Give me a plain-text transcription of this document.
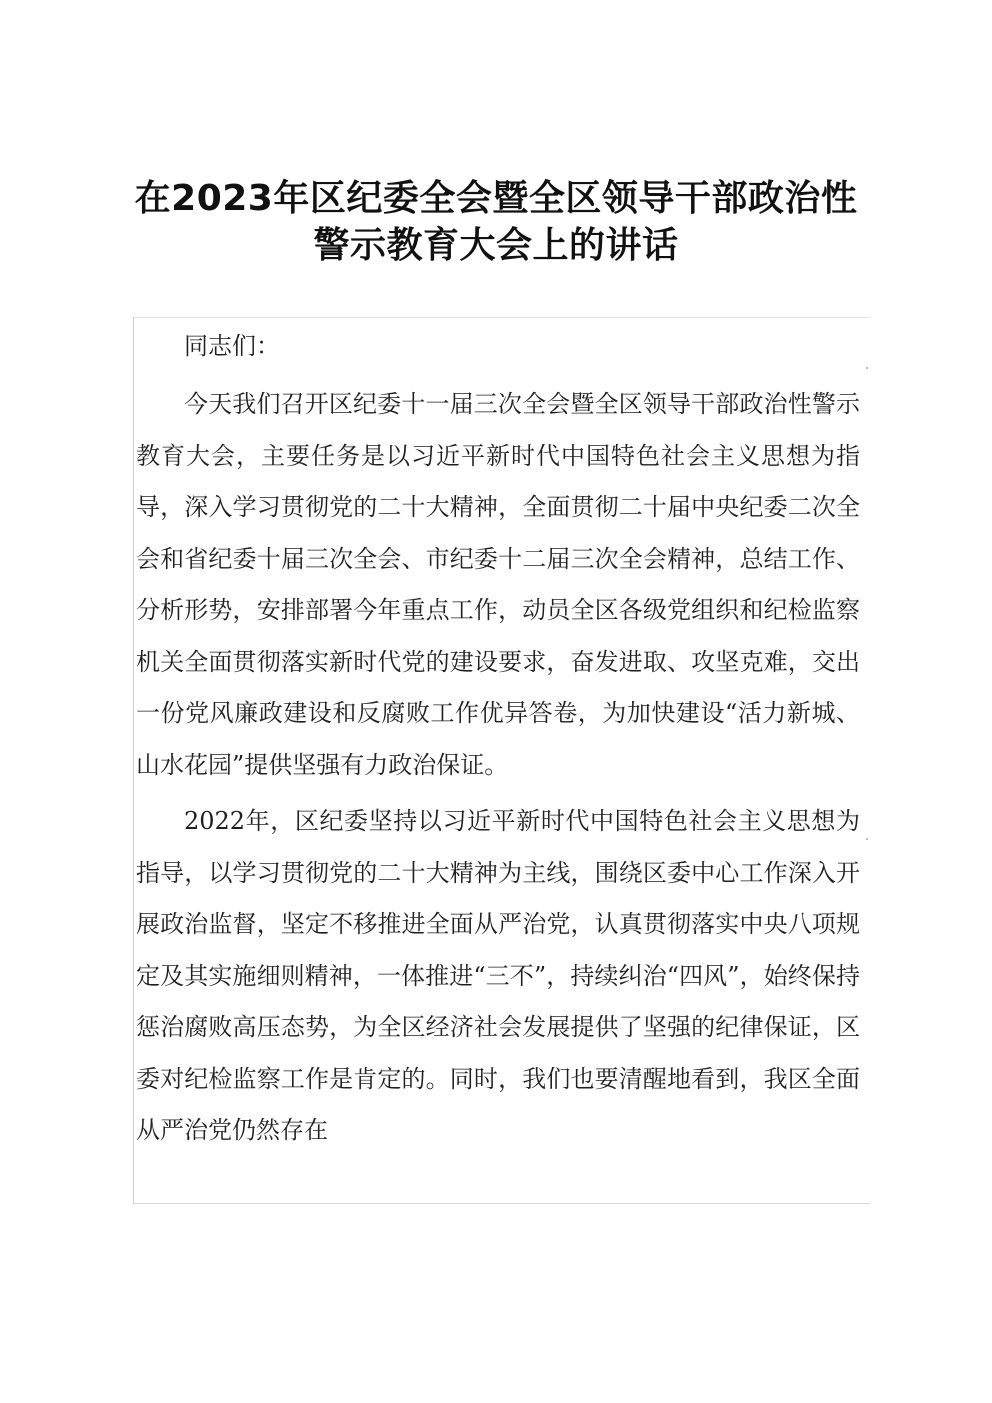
在2023年区纪委全会暨全区领导干部政治性
警示教育大会上的讲话

同志们：

今天我们召开区纪委十一届三次全会暨全区领导干部政治性警示教育大会，主要任务是以习近平新时代中国特色社会主义思想为指导，深入学习贯彻党的二十大精神，全面贯彻二十届中央纪委二次全会和省纪委十届三次全会、市纪委十二届三次全会精神，总结工作、分析形势，安排部署今年重点工作，动员全区各级党组织和纪检监察机关全面贯彻落实新时代党的建设要求，奋发进取、攻坚克难，交出一份党风廉政建设和反腐败工作优异答卷，为加快建设“活力新城、山水花园”提供坚强有力政治保证。

2022年，区纪委坚持以习近平新时代中国特色社会主义思想为指导，以学习贯彻党的二十大精神为主线，围绕区委中心工作深入开展政治监督，坚定不移推进全面从严治党，认真贯彻落实中央八项规定及其实施细则精神，一体推进“三不”，持续纠治“四风”，始终保持惩治腐败高压态势，为全区经济社会发展提供了坚强的纪律保证，区委对纪检监察工作是肯定的。同时，我们也要清醒地看到，我区全面从严治党仍然存在
